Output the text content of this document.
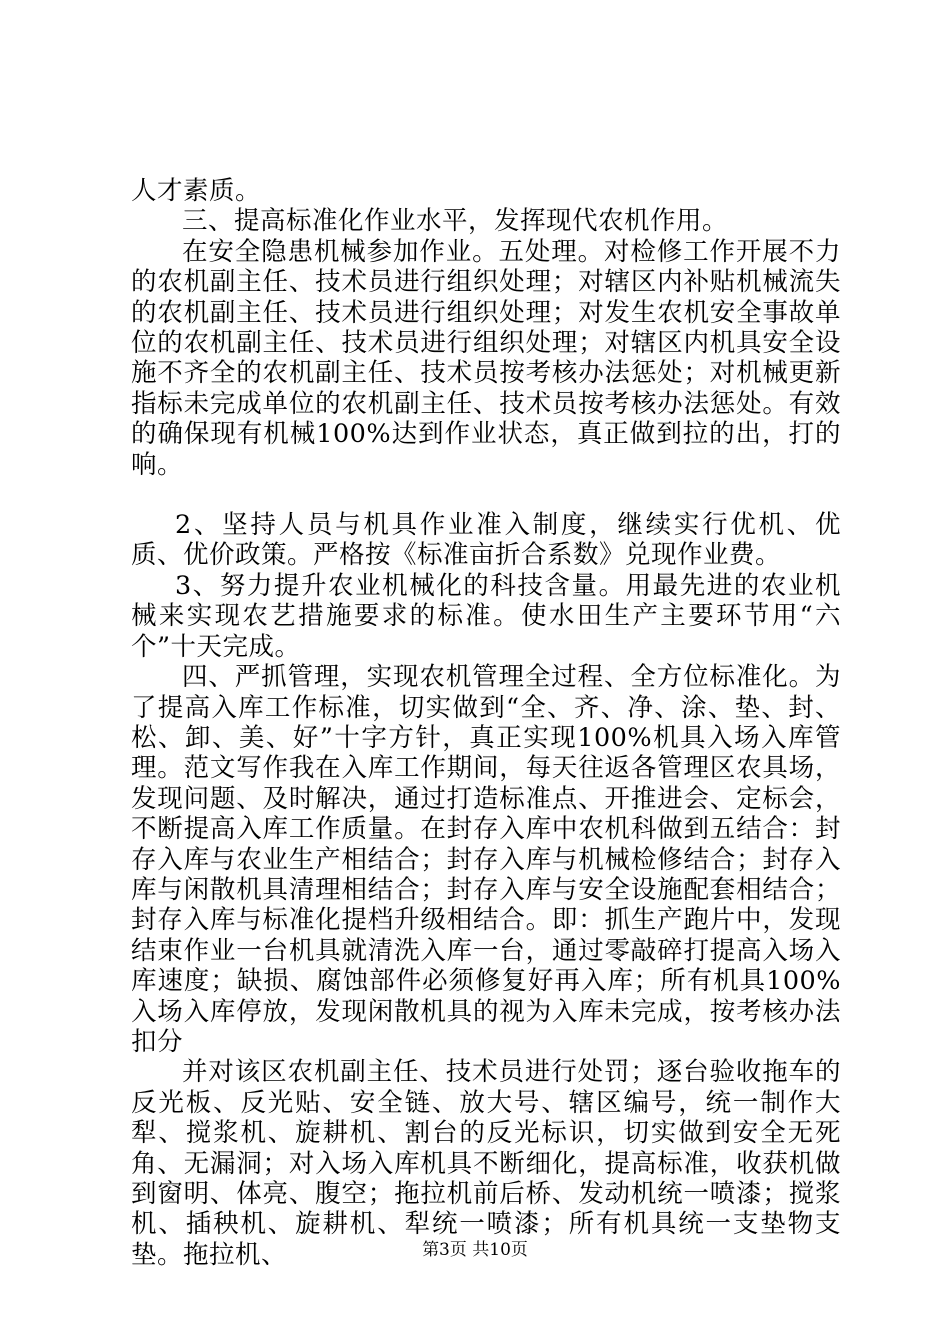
人才素质。

三、提高标准化作业水平，发挥现代农机作用。

在安全隐患机械参加作业。五处理。对检修工作开展不力的农机副主任、技术员进行组织处理；对辖区内补贴机械流失的农机副主任、技术员进行组织处理；对发生农机安全事故单位的农机副主任、技术员进行组织处理；对辖区内机具安全设施不齐全的农机副主任、技术员按考核办法惩处；对机械更新指标未完成单位的农机副主任、技术员按考核办法惩处。有效的确保现有机械100%达到作业状态，真正做到拉的出，打的响。

2、坚持人员与机具作业准入制度，继续实行优机、优质、优价政策。严格按《标准亩折合系数》兑现作业费。

3、努力提升农业机械化的科技含量。用最先进的农业机械来实现农艺措施要求的标准。使水田生产主要环节用“六个”十天完成。

四、严抓管理，实现农机管理全过程、全方位标准化。为了提高入库工作标准，切实做到“全、齐、净、涂、垫、封、松、卸、美、好”十字方针，真正实现100%机具入场入库管理。范文写作我在入库工作期间，每天往返各管理区农具场，发现问题、及时解决，通过打造标准点、开推进会、定标会，不断提高入库工作质量。在封存入库中农机科做到五结合：封存入库与农业生产相结合；封存入库与机械检修结合；封存入库与闲散机具清理相结合；封存入库与安全设施配套相结合；封存入库与标准化提档升级相结合。即：抓生产跑片中，发现结束作业一台机具就清洗入库一台，通过零敲碎打提高入场入库速度；缺损、腐蚀部件必须修复好再入库；所有机具100%入场入库停放，发现闲散机具的视为入库未完成，按考核办法扣分

并对该区农机副主任、技术员进行处罚；逐台验收拖车的反光板、反光贴、安全链、放大号、辖区编号，统一制作大犁、搅浆机、旋耕机、割台的反光标识，切实做到安全无死角、无漏洞；对入场入库机具不断细化，提高标准，收获机做到窗明、体亮、腹空；拖拉机前后桥、发动机统一喷漆；搅浆机、插秧机、旋耕机、犁统一喷漆；所有机具统一支垫物支垫。拖拉机、	第3页 共10页
